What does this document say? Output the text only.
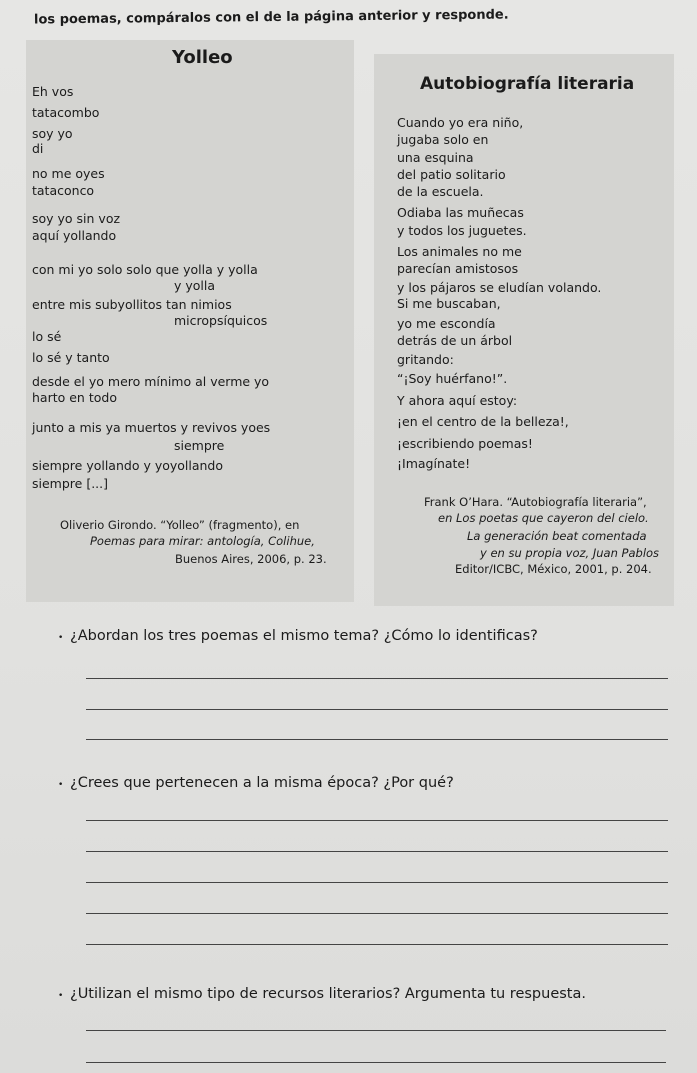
los poemas, compáralos con el de la página anterior y responde.
Yolleo
Eh vos
tatacombo
soy yo
di
no me oyes
tataconco
soy yo sin voz
aquí yollando
con mi yo solo solo que yolla y yolla
y yolla
entre mis subyollitos tan nimios
micropsíquicos
lo sé
lo sé y tanto
desde el yo mero mínimo al verme yo
harto en todo
junto a mis ya muertos y revivos yoes
siempre
siempre yollando y yoyollando
siempre [...]
Oliverio Girondo. “Yolleo” (fragmento), en
Poemas para mirar: antología, Colihue,
Buenos Aires, 2006, p. 23.
Autobiografía literaria
Cuando yo era niño,
jugaba solo en
una esquina
del patio solitario
de la escuela.
Odiaba las muñecas
y todos los juguetes.
Los animales no me
parecían amistosos
y los pájaros se eludían volando.
Si me buscaban,
yo me escondía
detrás de un árbol
gritando:
“¡Soy huérfano!”.
Y ahora aquí estoy:
¡en el centro de la belleza!,
¡escribiendo poemas!
¡Imagínate!
Frank O’Hara. “Autobiografía literaria”,
en Los poetas que cayeron del cielo.
La generación beat comentada
y en su propia voz, Juan Pablos
Editor/ICBC, México, 2001, p. 204.
• ¿Abordan los tres poemas el mismo tema? ¿Cómo lo identificas?
• ¿Crees que pertenecen a la misma época? ¿Por qué?
• ¿Utilizan el mismo tipo de recursos literarios? Argumenta tu respuesta.
